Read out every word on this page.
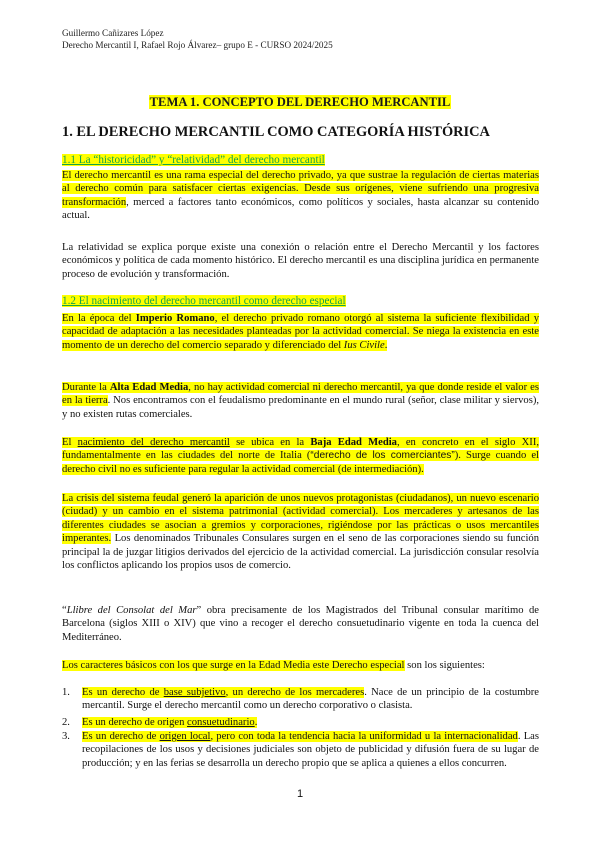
Guillermo Cañizares López
Derecho Mercantil I, Rafael Rojo Álvarez– grupo E - CURSO 2024/2025
TEMA 1. CONCEPTO DEL DERECHO MERCANTIL
1. EL DERECHO MERCANTIL COMO CATEGORÍA HISTÓRICA
1.1 La “historicidad” y “relatividad” del derecho mercantil
El derecho mercantil es una rama especial del derecho privado, ya que sustrae la regulación de ciertas materias al derecho común para satisfacer ciertas exigencias. Desde sus orígenes, viene sufriendo una progresiva transformación, merced a factores tanto económicos, como políticos y sociales, hasta alcanzar su contenido actual.
La relatividad se explica porque existe una conexión o relación entre el Derecho Mercantil y los factores económicos y política de cada momento histórico. El derecho mercantil es una disciplina jurídica en permanente proceso de evolución y transformación.
1.2 El nacimiento del derecho mercantil como derecho especial
En la época del Imperio Romano, el derecho privado romano otorgó al sistema la suficiente flexibilidad y capacidad de adaptación a las necesidades planteadas por la actividad comercial. Se niega la existencia en este momento de un derecho del comercio separado y diferenciado del Ius Civile.
Durante la Alta Edad Media, no hay actividad comercial ni derecho mercantil, ya que donde reside el valor es en la tierra. Nos encontramos con el feudalismo predominante en el mundo rural (señor, clase militar y siervos), y no existen rutas comerciales.
El nacimiento del derecho mercantil se ubica en la Baja Edad Media, en concreto en el siglo XII, fundamentalmente en las ciudades del norte de Italia (“derecho de los comerciantes”). Surge cuando el derecho civil no es suficiente para regular la actividad comercial (de intermediación).
La crisis del sistema feudal generó la aparición de unos nuevos protagonistas (ciudadanos), un nuevo escenario (ciudad) y un cambio en el sistema patrimonial (actividad comercial). Los mercaderes y artesanos de las diferentes ciudades se asocian a gremios y corporaciones, rigiéndose por las prácticas o usos mercantiles imperantes. Los denominados Tribunales Consulares surgen en el seno de las corporaciones siendo su función principal la de juzgar litigios derivados del ejercicio de la actividad comercial. La jurisdicción consular resolvía los conflictos aplicando los propios usos de comercio.
“Llibre del Consolat del Mar” obra precisamente de los Magistrados del Tribunal consular marítimo de Barcelona (siglos XIII o XIV) que vino a recoger el derecho consuetudinario vigente en toda la cuenca del Mediterráneo.
Los caracteres básicos con los que surge en la Edad Media este Derecho especial son los siguientes:
1. Es un derecho de base subjetivo, un derecho de los mercaderes. Nace de un principio de la costumbre mercantil. Surge el derecho mercantil como un derecho corporativo o clasista.
2. Es un derecho de origen consuetudinario.
3. Es un derecho de origen local, pero con toda la tendencia hacia la uniformidad u la internacionalidad. Las recopilaciones de los usos y decisiones judiciales son objeto de publicidad y difusión fuera de su lugar de producción; y en las ferias se desarrolla un derecho propio que se aplica a quienes a ellos concurren.
1
